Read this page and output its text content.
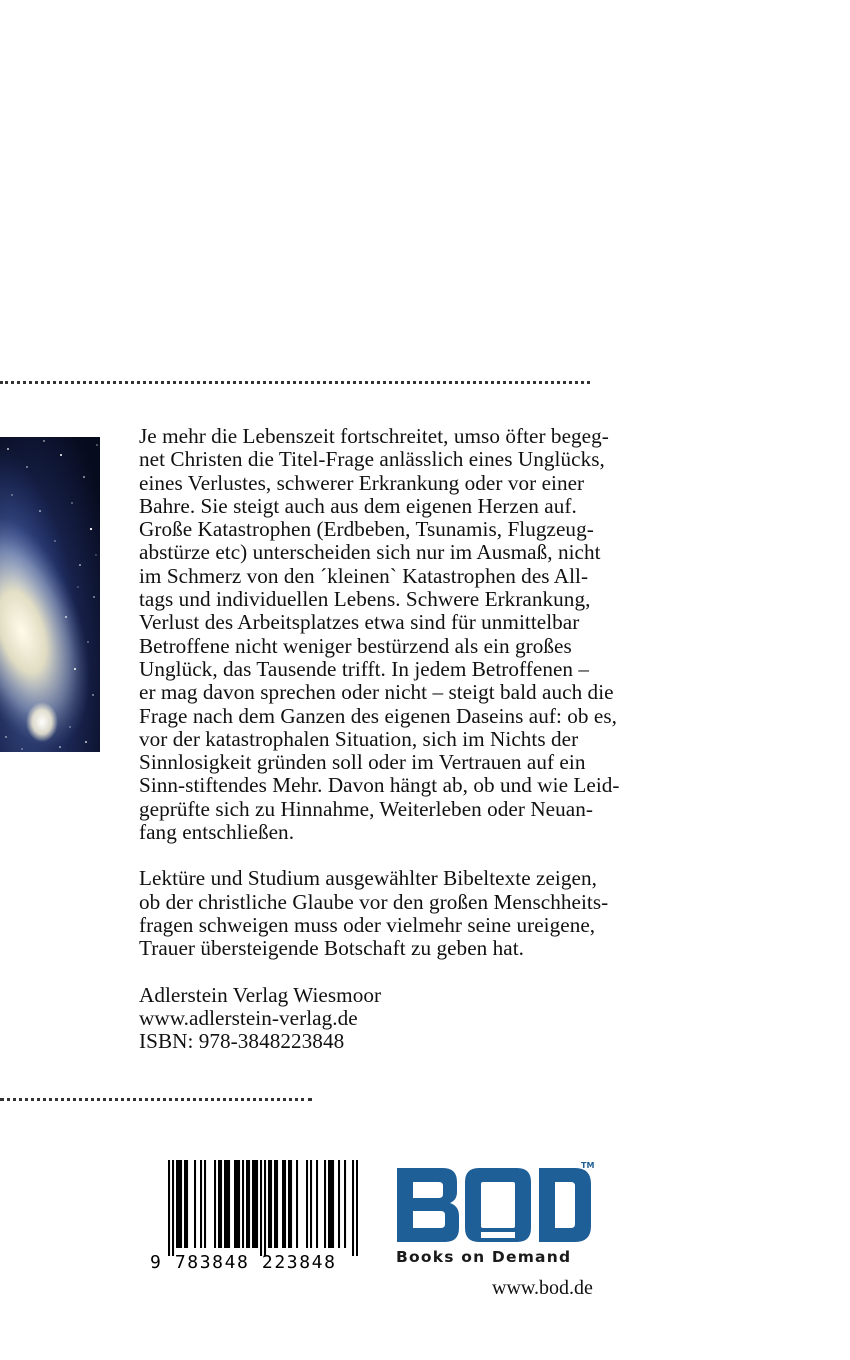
Je mehr die Lebenszeit fortschreitet, umso öfter begeg-
net Christen die Titel-Frage anlässlich eines Unglücks,
eines Verlustes, schwerer Erkrankung oder vor einer
Bahre. Sie steigt auch aus dem eigenen Herzen auf.
Große Katastrophen (Erdbeben, Tsunamis, Flugzeug-
abstürze etc) unterscheiden sich nur im Ausmaß, nicht
im Schmerz von den ´kleinen` Katastrophen des All-
tags und individuellen Lebens. Schwere Erkrankung,
Verlust des Arbeitsplatzes etwa sind für unmittelbar
Betroffene nicht weniger bestürzend als ein großes
Unglück, das Tausende trifft. In jedem Betroffenen –
er mag davon sprechen oder nicht – steigt bald auch die
Frage nach dem Ganzen des eigenen Daseins auf: ob es,
vor der katastrophalen Situation, sich im Nichts der
Sinnlosigkeit gründen soll oder im Vertrauen auf ein
Sinn-stiftendes Mehr. Davon hängt ab, ob und wie Leid-
geprüfte sich zu Hinnahme, Weiterleben oder Neuan-
fang entschließen.

Lektüre und Studium ausgewählter Bibeltexte zeigen,
ob der christliche Glaube vor den großen Menschheits-
fragen schweigen muss oder vielmehr seine ureigene,
Trauer übersteigende Botschaft zu geben hat.

Adlerstein Verlag Wiesmoor
www.adlerstein-verlag.de
ISBN: 978-3848223848
9 783848 223848
TM
Books on Demand
www.bod.de
